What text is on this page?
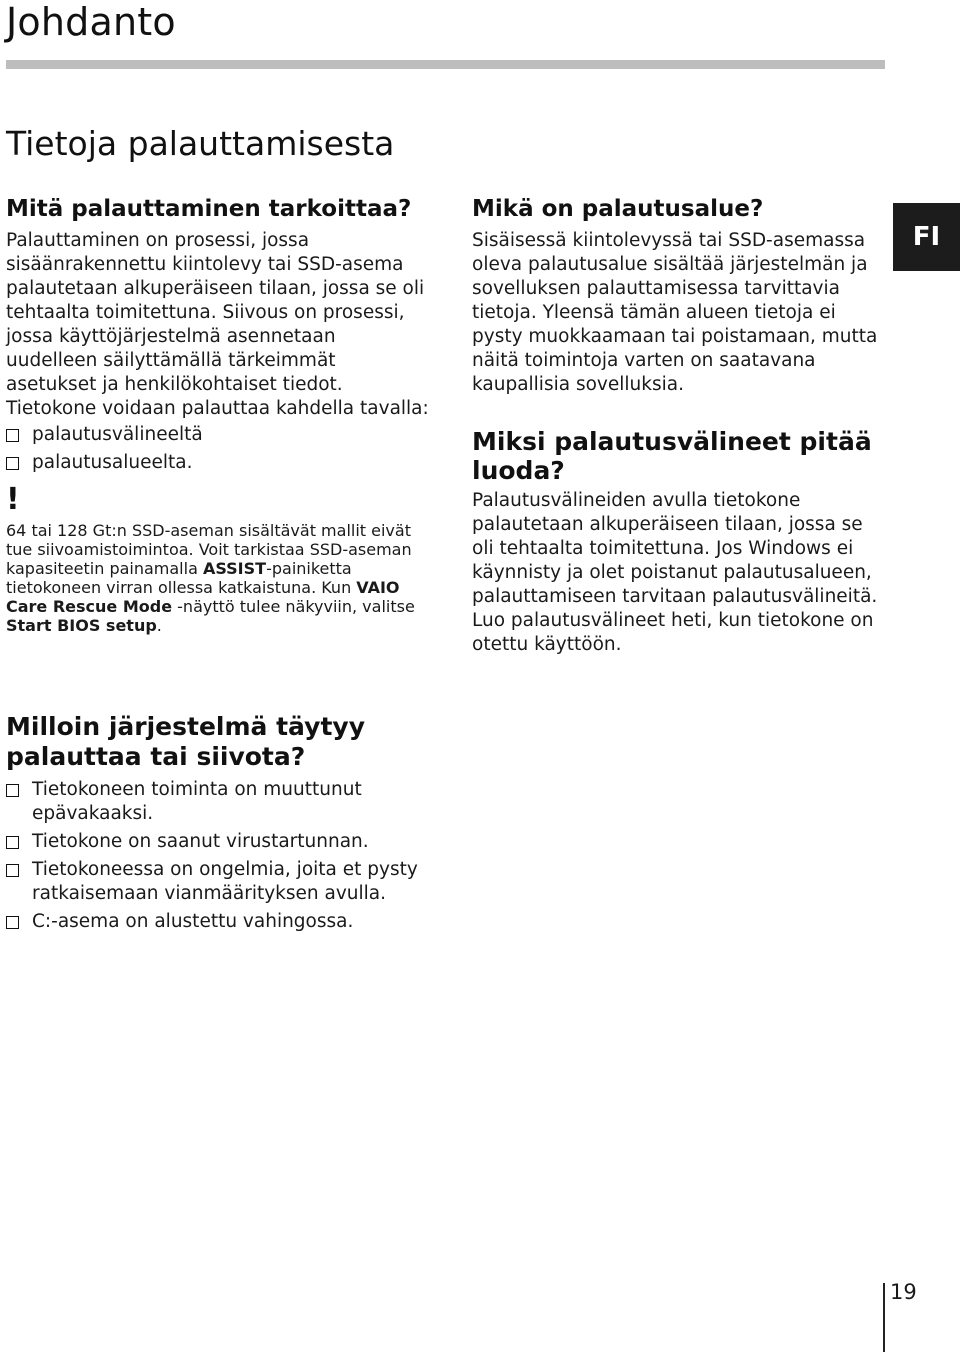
Johdanto
Tietoja palauttamisesta
Mitä palauttaminen tarkoittaa?

Palauttaminen on prosessi, jossa sisäänrakennettu kiintolevy tai SSD-asema palautetaan alkuperäiseen tilaan, jossa se oli tehtaalta toimitettuna. Siivous on prosessi, jossa käyttöjärjestelmä asennetaan uudelleen säilyttämällä tärkeimmät asetukset ja henkilökohtaiset tiedot.

Tietokone voidaan palauttaa kahdella tavalla:

palautusvälineeltä
palautusalueelta.
!

64 tai 128 Gt:n SSD-aseman sisältävät mallit eivät tue siivoamistoimintoa. Voit tarkistaa SSD-aseman kapasiteetin painamalla ASSIST-painiketta tietokoneen virran ollessa katkaistuna. Kun VAIO Care Rescue Mode -näyttö tulee näkyviin, valitse Start BIOS setup.

Milloin järjestelmä täytyy palauttaa tai siivota?
Tietokoneen toiminta on muuttunut epävakaaksi.
Tietokone on saanut virustartunnan.
Tietokoneessa on ongelmia, joita et pysty ratkaisemaan vianmäärityksen avulla.
C:-asema on alustettu vahingossa.
Mikä on palautusalue?

Sisäisessä kiintolevyssä tai SSD-asemassa oleva palautusalue sisältää järjestelmän ja sovelluksen palauttamisessa tarvittavia tietoja. Yleensä tämän alueen tietoja ei pysty muokkaamaan tai poistamaan, mutta näitä toimintoja varten on saatavana kaupallisia sovelluksia.

Miksi palautusvälineet pitää luoda?

Palautusvälineiden avulla tietokone palautetaan alkuperäiseen tilaan, jossa se oli tehtaalta toimitettuna. Jos Windows ei käynnisty ja olet poistanut palautusalueen, palauttamiseen tarvitaan palautusvälineitä. Luo palautusvälineet heti, kun tietokone on otettu käyttöön.

FI
19
